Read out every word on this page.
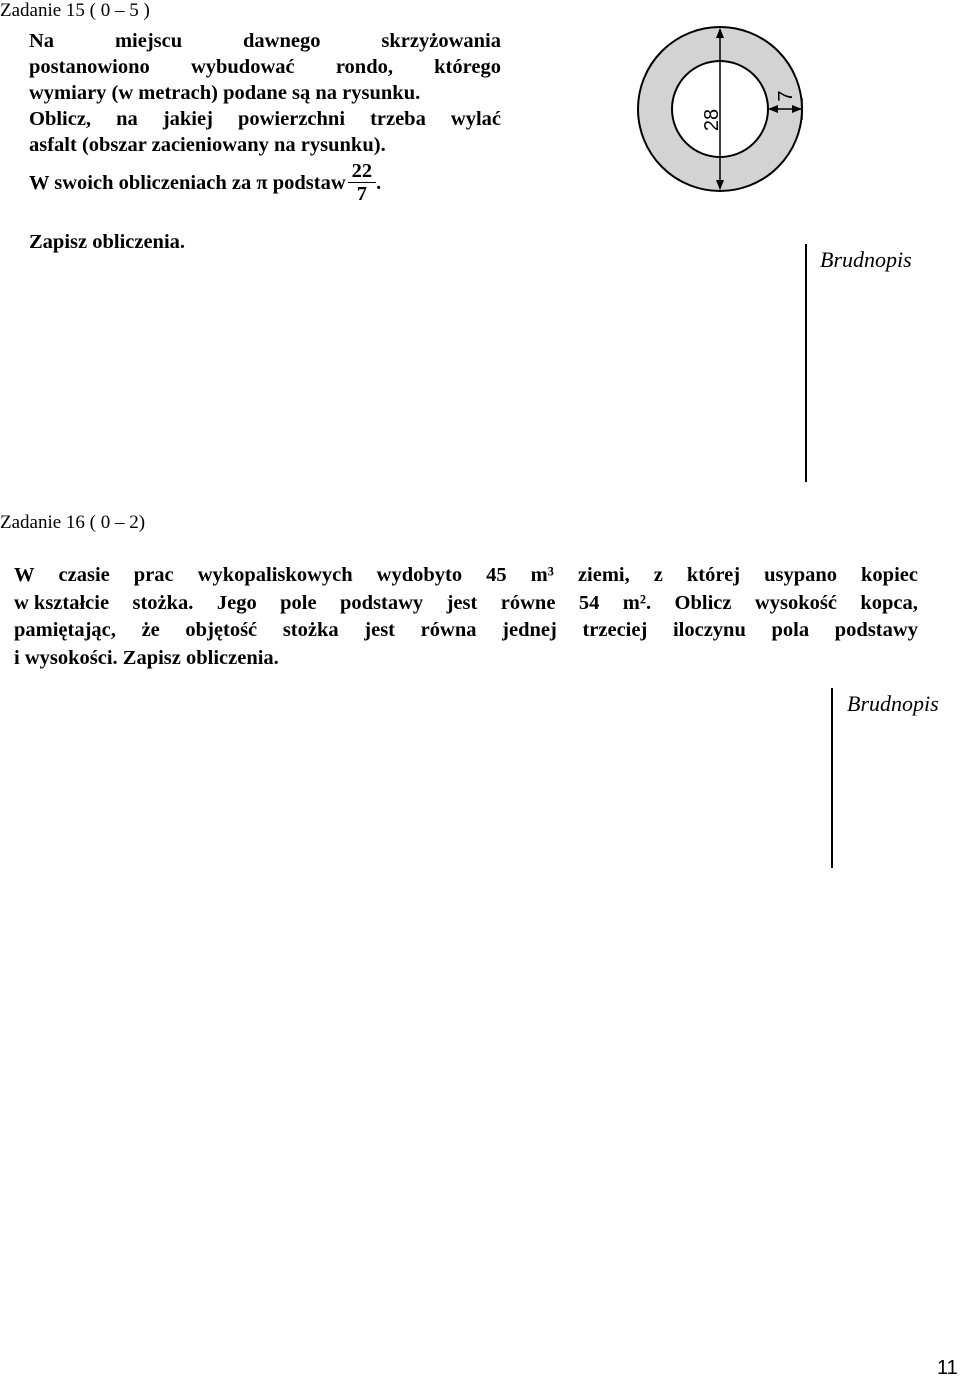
Zadanie 15 ( 0 – 5 )
Na	miejscu	dawnego	skrzyżowania
postanowiono wybudować rondo, którego
wymiary (w metrach) podane są na rysunku.
Oblicz, na jakiej powierzchni trzeba wylać
asfalt (obszar zacieniowany na rysunku).
W swoich obliczeniach za π podstaw $\frac{22}{7}$ .
Zapisz obliczenia.
28
7
Brudnopis
Zadanie 16 ( 0 – 2)
W czasie prac wykopaliskowych wydobyto 45 m³ ziemi, z której usypano kopiec
w kształcie stożka. Jego pole podstawy jest równe 54 m². Oblicz wysokość kopca,
pamiętając, że objętość stożka jest równa jednej trzeciej iloczynu pola podstawy
i wysokości. Zapisz obliczenia.
Brudnopis
11
